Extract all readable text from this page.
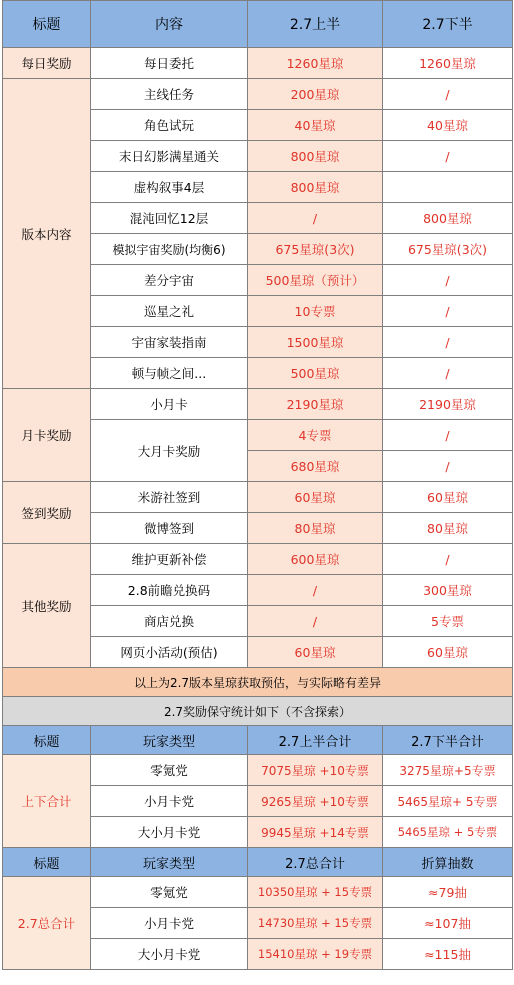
标题	内容	2.7上半	2.7下半
每日奖励	每日委托	1260星琼	1260星琼
版本内容	主线任务	200星琼	/
	角色试玩	40星琼	40星琼
	末日幻影满星通关	800星琼	/
	虚构叙事4层	800星琼	
	混沌回忆12层	/	800星琼
	模拟宇宙奖励(均衡6)	675星琼(3次)	675星琼(3次)
	差分宇宙	500星琼（预计）	/
	巡星之礼	10专票	/
	宇宙家装指南	1500星琼	/
	顿与帧之间...	500星琼	/
月卡奖励	小月卡	2190星琼	2190星琼
	大月卡奖励	4专票	/
		680星琼	/
签到奖励	米游社签到	60星琼	60星琼
	微博签到	80星琼	80星琼
其他奖励	维护更新补偿	600星琼	/
	2.8前瞻兑换码	/	300星琼
	商店兑换	/	5专票
	网页小活动(预估)	60星琼	60星琼
以上为2.7版本星琼获取预估，与实际略有差异			
2.7奖励保守统计如下（不含探索）			
标题	玩家类型	2.7上半合计	2.7下半合计
上下合计	零氪党	7075星琼 +10专票	3275星琼+5专票
	小月卡党	9265星琼 +10专票	5465星琼+ 5专票
	大小月卡党	9945星琼 +14专票	5465星琼 + 5专票
标题	玩家类型	2.7总合计	折算抽数
2.7总合计	零氪党	10350星琼 + 15专票	≈79抽
	小月卡党	14730星琼 + 15专票	≈107抽
	大小月卡党	15410星琼 + 19专票	≈115抽
